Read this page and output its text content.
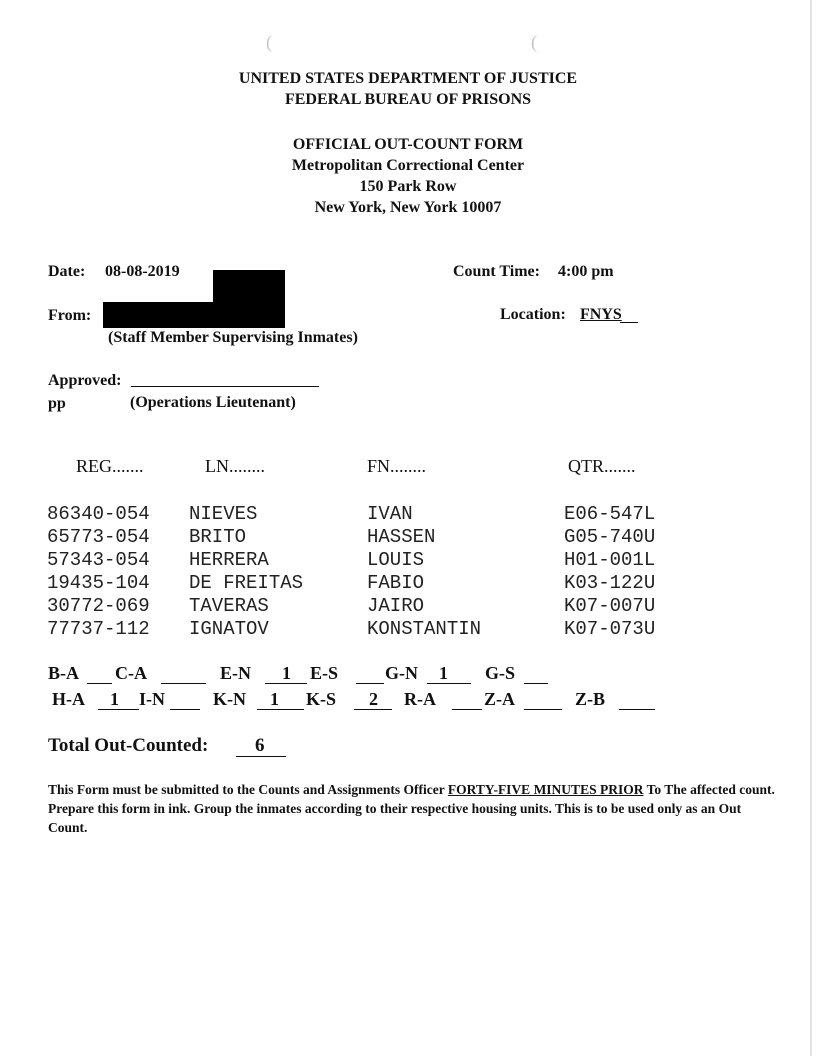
(	(
UNITED STATES DEPARTMENT OF JUSTICE
FEDERAL BUREAU OF PRISONS
OFFICIAL OUT-COUNT FORM
Metropolitan Correctional Center
150 Park Row
New York, New York 10007
Date: 08-08-2019	Count Time: 4:00 pm
From:	Location: FNYS
(Staff Member Supervising Inmates)
Approved:
pp	(Operations Lieutenant)
REG.......	LN........	FN........	QTR.......
86340-054 NIEVES	IVAN	E06-547L
65773-054 BRITO	HASSEN	G05-740U
57343-054 HERRERA	LOUIS	H01-001L
19435-104 DE FREITAS	FABIO	K03-122U
30772-069 TAVERAS	JAIRO	K07-007U
77737-112 IGNATOV	KONSTANTIN	K07-073U
B-A C-A	E-N 1 E-S	G-N 1 G-S
H-A 1 I-N	K-N 1 K-S 2 R-A	Z-A	Z-B
Total Out-Counted: 6
This Form must be submitted to the Counts and Assignments Officer FORTY-FIVE MINUTES PRIOR To The affected count. Prepare this form in ink. Group the inmates according to their respective housing units. This is to be used only as an Out Count.
